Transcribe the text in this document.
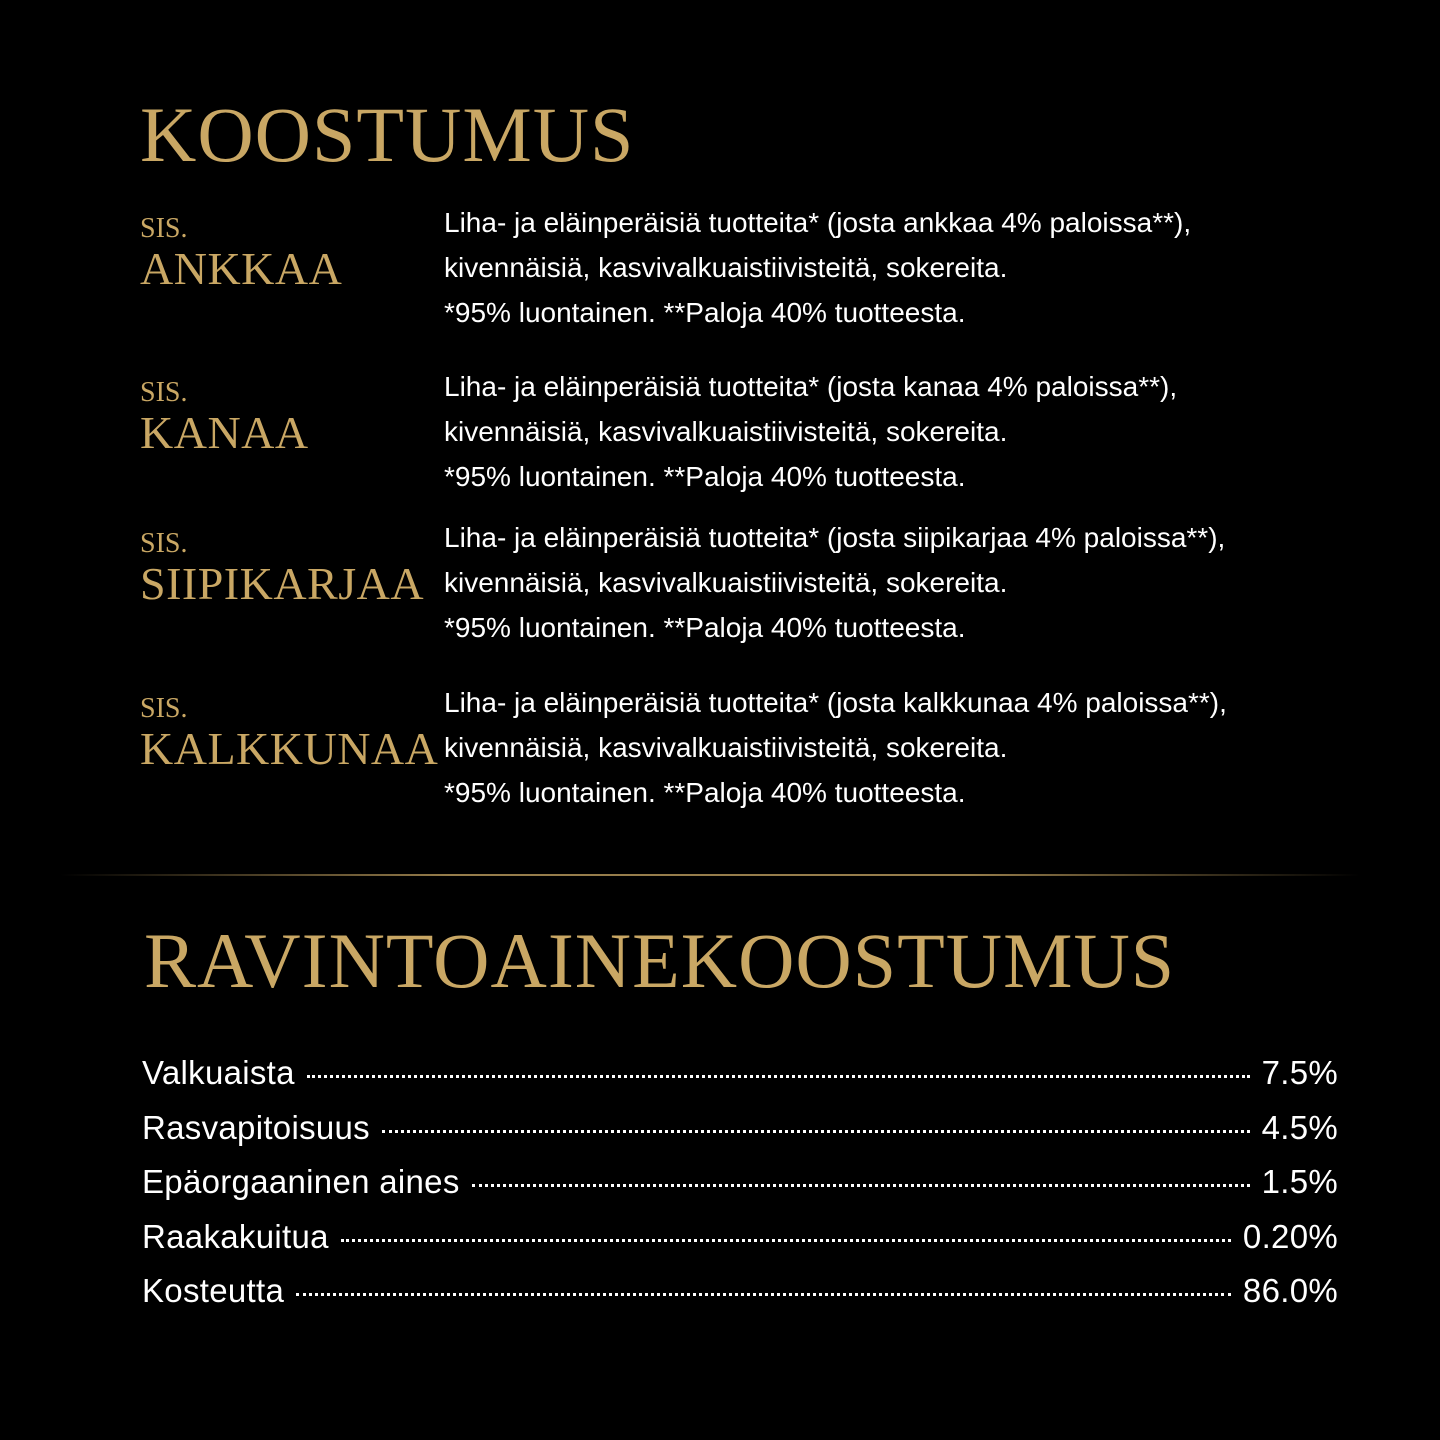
KOOSTUMUS
SIS.
ANKKAA
Liha- ja eläinperäisiä tuotteita* (josta ankkaa 4% paloissa**),
kivennäisiä, kasvivalkuaistiivisteitä, sokereita.
*95% luontainen. **Paloja 40% tuotteesta.
SIS.
KANAA
Liha- ja eläinperäisiä tuotteita* (josta kanaa 4% paloissa**),
kivennäisiä, kasvivalkuaistiivisteitä, sokereita.
*95% luontainen. **Paloja 40% tuotteesta.
SIS.
SIIPIKARJAA
Liha- ja eläinperäisiä tuotteita* (josta siipikarjaa 4% paloissa**),
kivennäisiä, kasvivalkuaistiivisteitä, sokereita.
*95% luontainen. **Paloja 40% tuotteesta.
SIS.
KALKKUNAA
Liha- ja eläinperäisiä tuotteita* (josta kalkkunaa 4% paloissa**),
kivennäisiä, kasvivalkuaistiivisteitä, sokereita.
*95% luontainen. **Paloja 40% tuotteesta.
RAVINTOAINEKOOSTUMUS
Valkuaista	7.5%
Rasvapitoisuus	4.5%
Epäorgaaninen aines	1.5%
Raakakuitua	0.20%
Kosteutta	86.0%
